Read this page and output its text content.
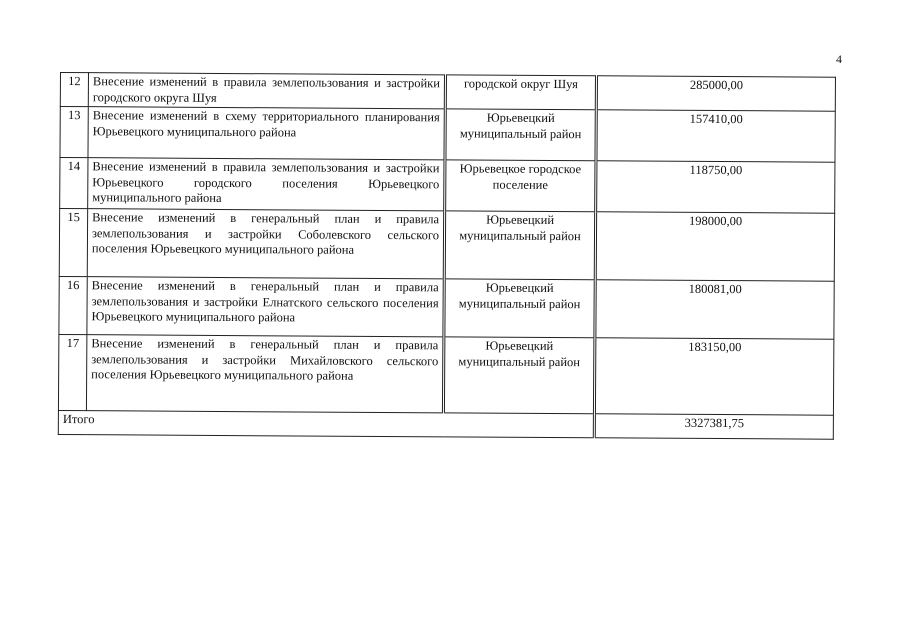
4
12	Внесение изменений в правила землепользования и застройки городского округа Шуя	городской округ Шуя	285000,00
13	Внесение изменений в схему территориального планирования Юрьевецкого муниципального района	Юрьевецкий муниципальный район	157410,00
14	Внесение изменений в правила землепользования и застройки Юрьевецкого городского поселения Юрьевецкого муниципального района	Юрьевецкое городское поселение	118750,00
15	Внесение изменений в генеральный план и правила землепользования и застройки Соболевского сельского поселения Юрьевецкого муниципального района	Юрьевецкий муниципальный район	198000,00
16	Внесение изменений в генеральный план и правила землепользования и застройки Елнатского сельского поселения Юрьевецкого муниципального района	Юрьевецкий муниципальный район	180081,00
17	Внесение изменений в генеральный план и правила землепользования и застройки Михайловского сельского поселения Юрьевецкого муниципального района	Юрьевецкий муниципальный район	183150,00
Итого			3327381,75
